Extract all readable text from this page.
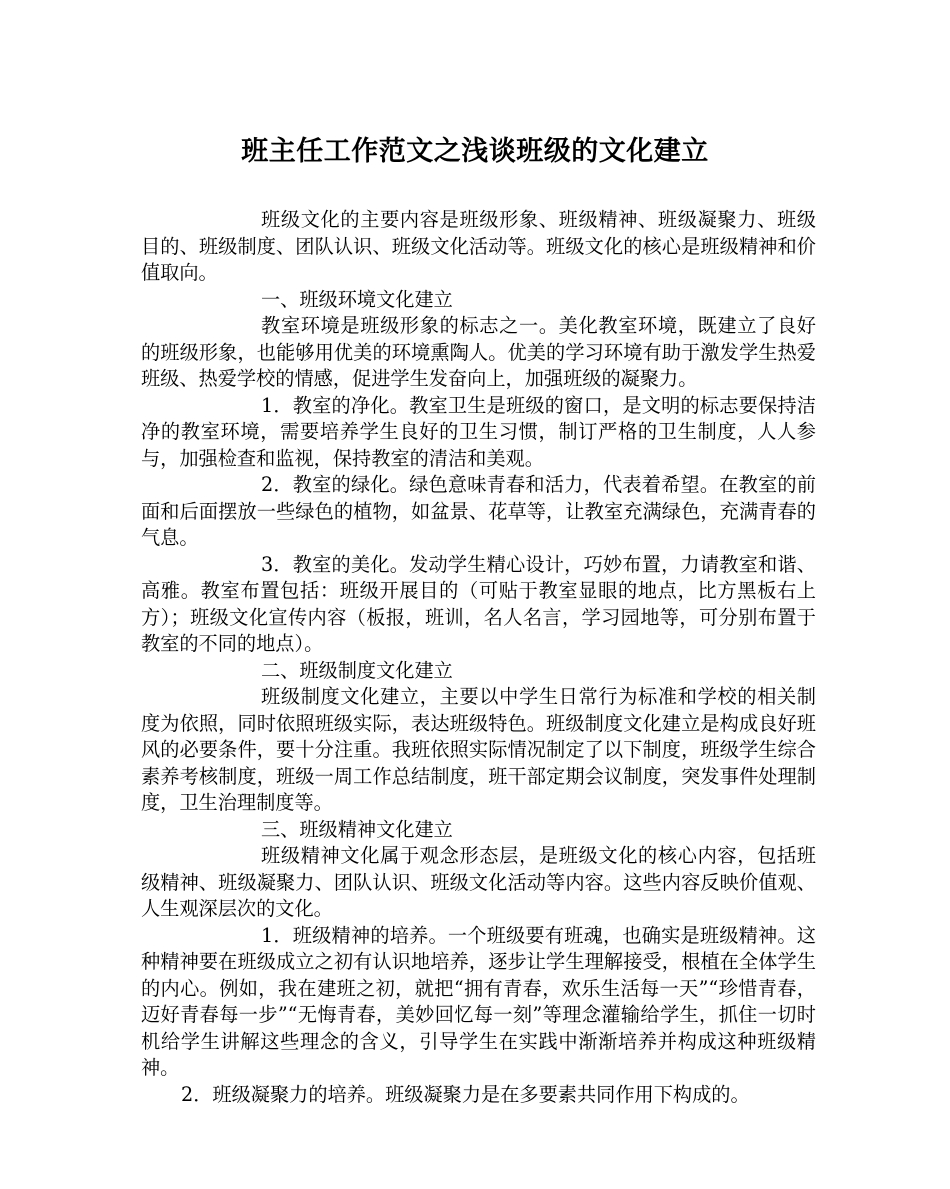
班主任工作范文之浅谈班级的文化建立

班级文化的主要内容是班级形象、班级精神、班级凝聚力、班级目的、班级制度、团队认识、班级文化活动等。班级文化的核心是班级精神和价值取向。

一、班级环境文化建立

教室环境是班级形象的标志之一。美化教室环境，既建立了良好的班级形象，也能够用优美的环境熏陶人。优美的学习环境有助于激发学生热爱班级、热爱学校的情感，促进学生发奋向上，加强班级的凝聚力。

1．教室的净化。教室卫生是班级的窗口，是文明的标志要保持洁净的教室环境，需要培养学生良好的卫生习惯，制订严格的卫生制度，人人参与，加强检查和监视，保持教室的清洁和美观。

2．教室的绿化。绿色意味青春和活力，代表着希望。在教室的前面和后面摆放一些绿色的植物，如盆景、花草等，让教室充满绿色，充满青春的气息。

3．教室的美化。发动学生精心设计，巧妙布置，力请教室和谐、高雅。教室布置包括：班级开展目的（可贴于教室显眼的地点，比方黑板右上方）；班级文化宣传内容（板报，班训，名人名言，学习园地等，可分别布置于教室的不同的地点）。

二、班级制度文化建立

班级制度文化建立，主要以中学生日常行为标准和学校的相关制度为依照，同时依照班级实际，表达班级特色。班级制度文化建立是构成良好班风的必要条件，要十分注重。我班依照实际情况制定了以下制度，班级学生综合素养考核制度，班级一周工作总结制度，班干部定期会议制度，突发事件处理制度，卫生治理制度等。

三、班级精神文化建立

班级精神文化属于观念形态层，是班级文化的核心内容，包括班级精神、班级凝聚力、团队认识、班级文化活动等内容。这些内容反映价值观、人生观深层次的文化。

1．班级精神的培养。一个班级要有班魂，也确实是班级精神。这种精神要在班级成立之初有认识地培养，逐步让学生理解接受，根植在全体学生的内心。例如，我在建班之初，就把“拥有青春，欢乐生活每一天”“珍惜青春，迈好青春每一步”“无悔青春，美妙回忆每一刻”等理念灌输给学生，抓住一切时机给学生讲解这些理念的含义，引导学生在实践中渐渐培养并构成这种班级精神。

2．班级凝聚力的培养。班级凝聚力是在多要素共同作用下构成的。
